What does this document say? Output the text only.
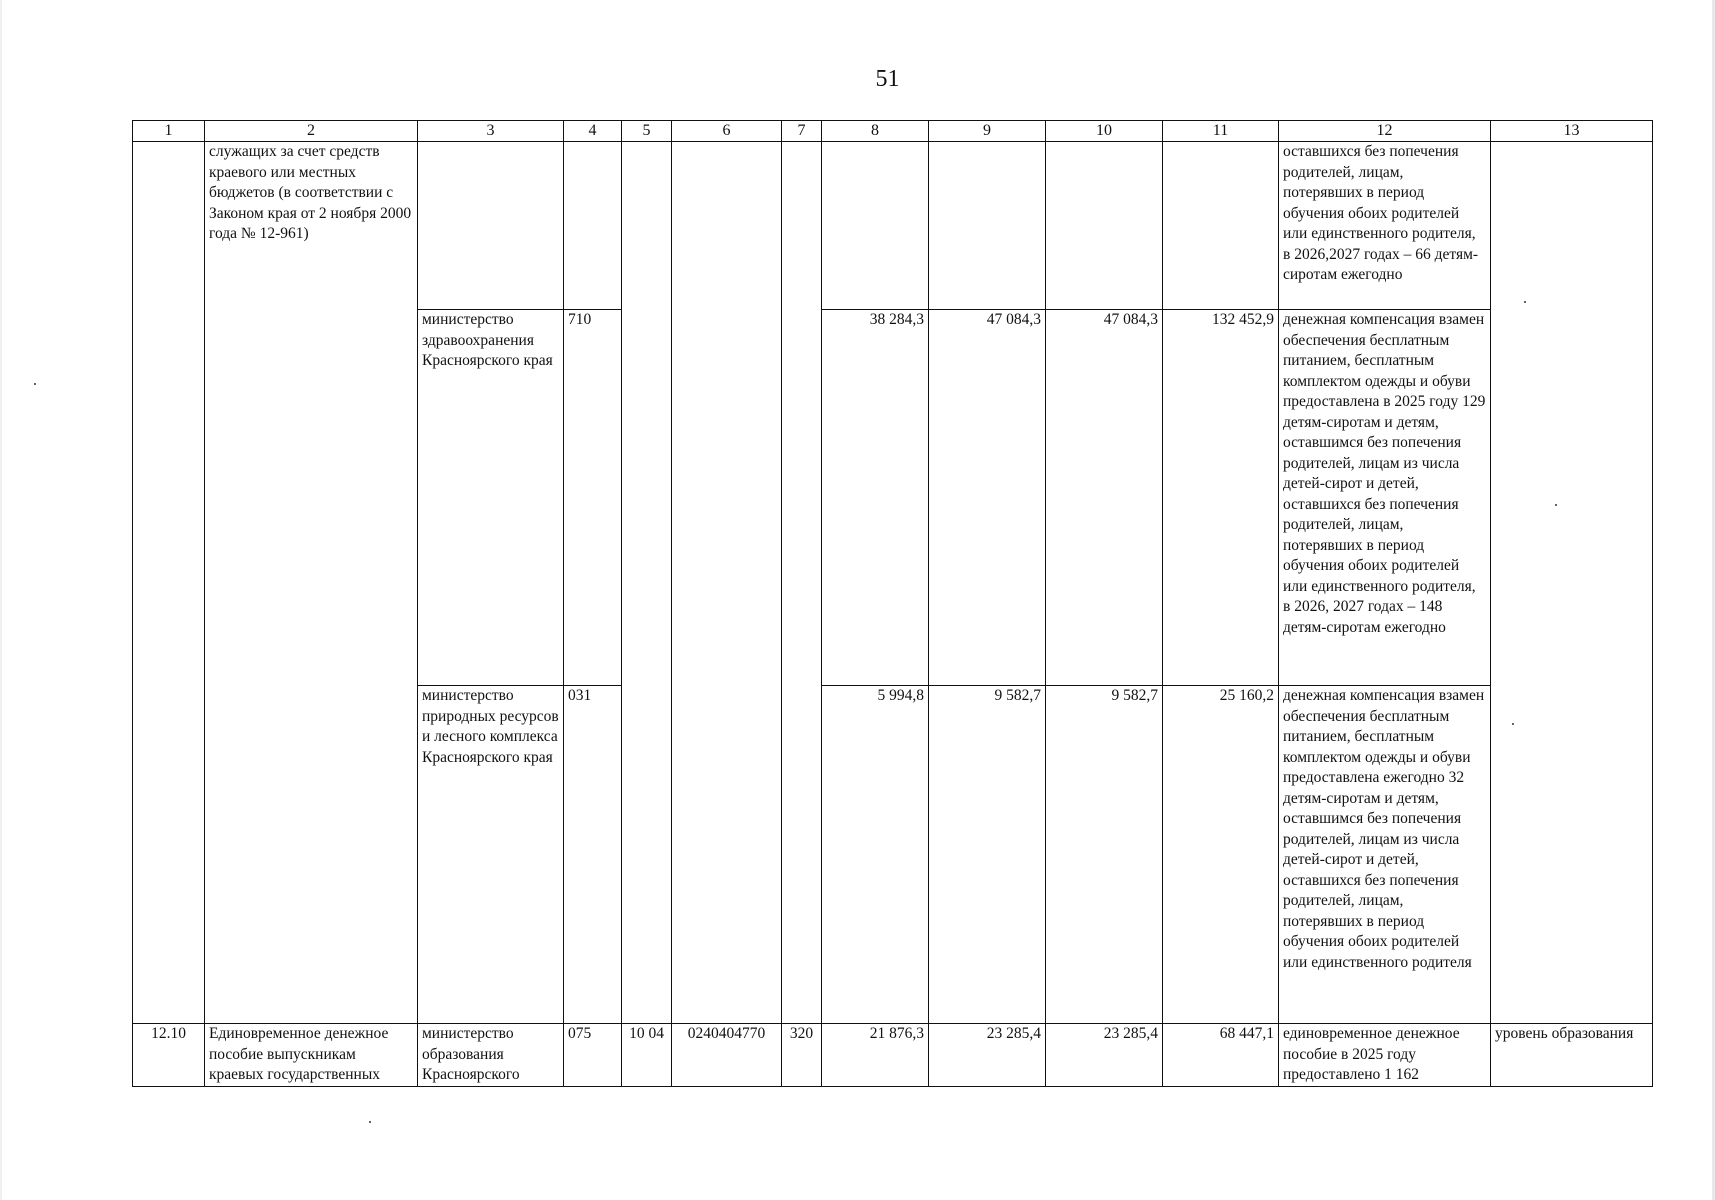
51
1	2	3	4	5	6	7	8	9	10	11	12	13
	служащих за счет средств краевого или местных бюджетов (в соответствии с Законом края от 2 ноября 2000 года № 12-961)										оставшихся без попечения родителей, лицам, потерявших в период обучения обоих родителей или единственного родителя, в 2026,2027 годах – 66 детям-сиротам ежегодно	
		министерство здравоохранения Красноярского края	710				38 284,3	47 084,3	47 084,3	132 452,9	денежная компенсация взамен обеспечения бесплатным питанием, бесплатным комплектом одежды и обуви предоставлена в 2025 году 129 детям-сиротам и детям, оставшимся без попечения родителей, лицам из числа детей-сирот и детей, оставшихся без попечения родителей, лицам, потерявших в период обучения обоих родителей или единственного родителя, в 2026, 2027 годах – 148 детям-сиротам ежегодно	
		министерство природных ресурсов и лесного комплекса Красноярского края	031				5 994,8	9 582,7	9 582,7	25 160,2	денежная компенсация взамен обеспечения бесплатным питанием, бесплатным комплектом одежды и обуви предоставлена ежегодно 32 детям-сиротам и детям, оставшимся без попечения родителей, лицам из числа детей-сирот и детей, оставшихся без попечения родителей, лицам, потерявших в период обучения обоих родителей или единственного родителя	
12.10	Единовременное денежное пособие выпускникам краевых государственных	министерство образования Красноярского	075	10 04	0240404770	320	21 876,3	23 285,4	23 285,4	68 447,1	единовременное денежное пособие в 2025 году предоставлено 1 162	уровень образования
